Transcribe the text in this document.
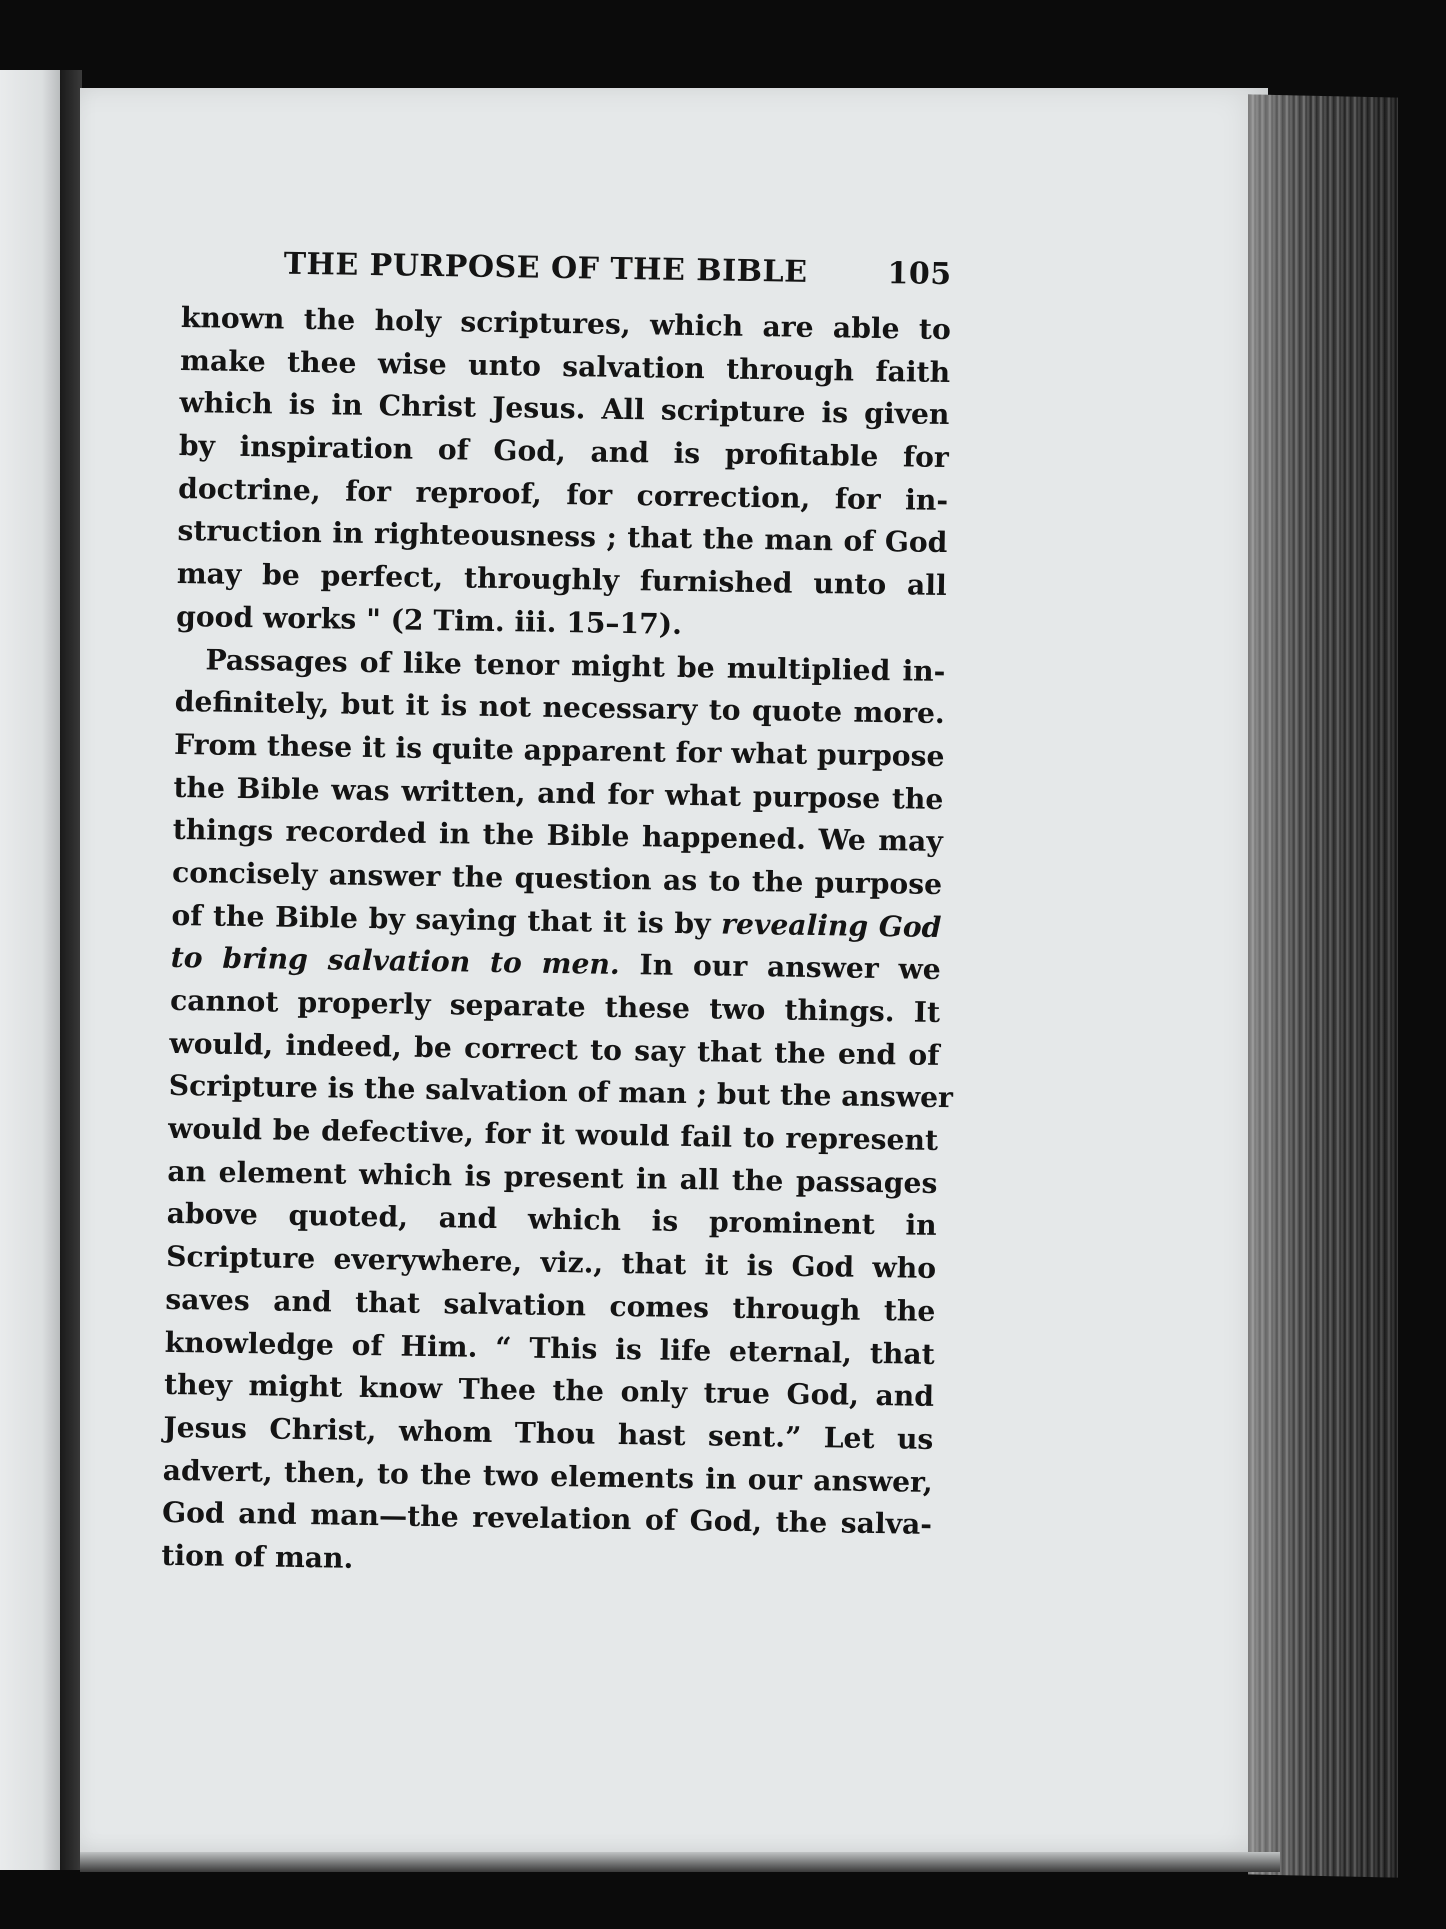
THE PURPOSE OF THE BIBLE	105
known the holy scriptures, which are able to
make thee wise unto salvation through faith
which is in Christ Jesus. All scripture is given
by inspiration of God, and is profitable for
doctrine, for reproof, for correction, for in-
struction in righteousness ; that the man of God
may be perfect, throughly furnished unto all
good works " (2 Tim. iii. 15–17).
Passages of like tenor might be multiplied in-
definitely, but it is not necessary to quote more.
From these it is quite apparent for what purpose
the Bible was written, and for what purpose the
things recorded in the Bible happened. We may
concisely answer the question as to the purpose
of the Bible by saying that it is by revealing God
to bring salvation to men. In our answer we
cannot properly separate these two things. It
would, indeed, be correct to say that the end of
Scripture is the salvation of man ; but the answer
would be defective, for it would fail to represent
an element which is present in all the passages
above quoted, and which is prominent in
Scripture everywhere, viz., that it is God who
saves and that salvation comes through the
knowledge of Him. “ This is life eternal, that
they might know Thee the only true God, and
Jesus Christ, whom Thou hast sent.” Let us
advert, then, to the two elements in our answer,
God and man—the revelation of God, the salva-
tion of man.
